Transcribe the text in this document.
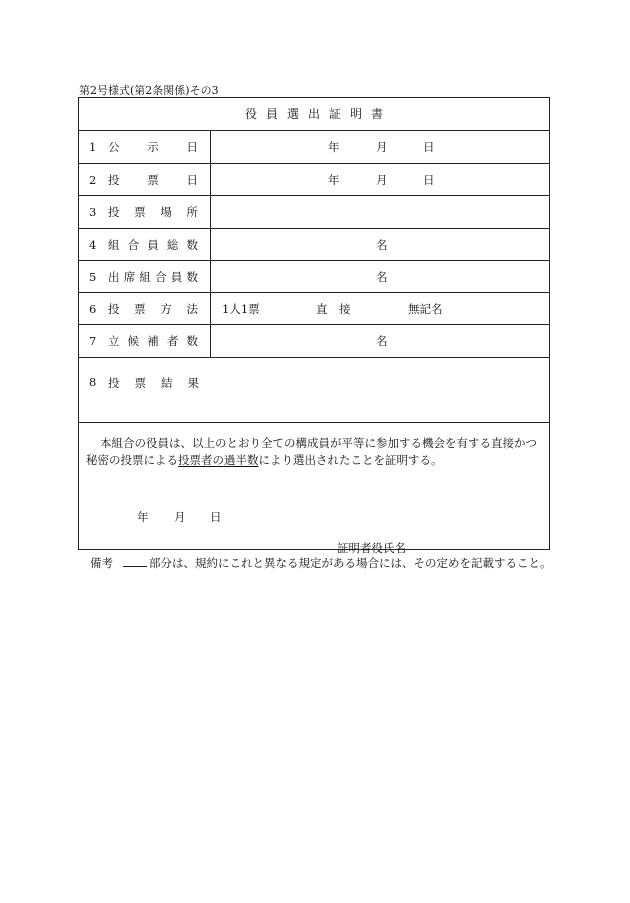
第2号様式(第2条関係)その3
役員選出証明書
1 公 示 日	年	月	日
2 投 票 日	年	月	日
3 投 票 場 所
4 組 合 員 総 数	名
5 出 席 組 合 員 数	名
6 投 票 方 法 1人1票	直　接	無記名
7 立 候 補 者 数	名
8 投 票 結 果

本組合の役員は、以上のとおり全ての構成員が平等に参加する機会を有する直接かつ秘密の投票による投票者の過半数により選出されたことを証明する。

年 月 日
証明者役氏名
備考	部分は、規約にこれと異なる規定がある場合には、その定めを記載すること。
